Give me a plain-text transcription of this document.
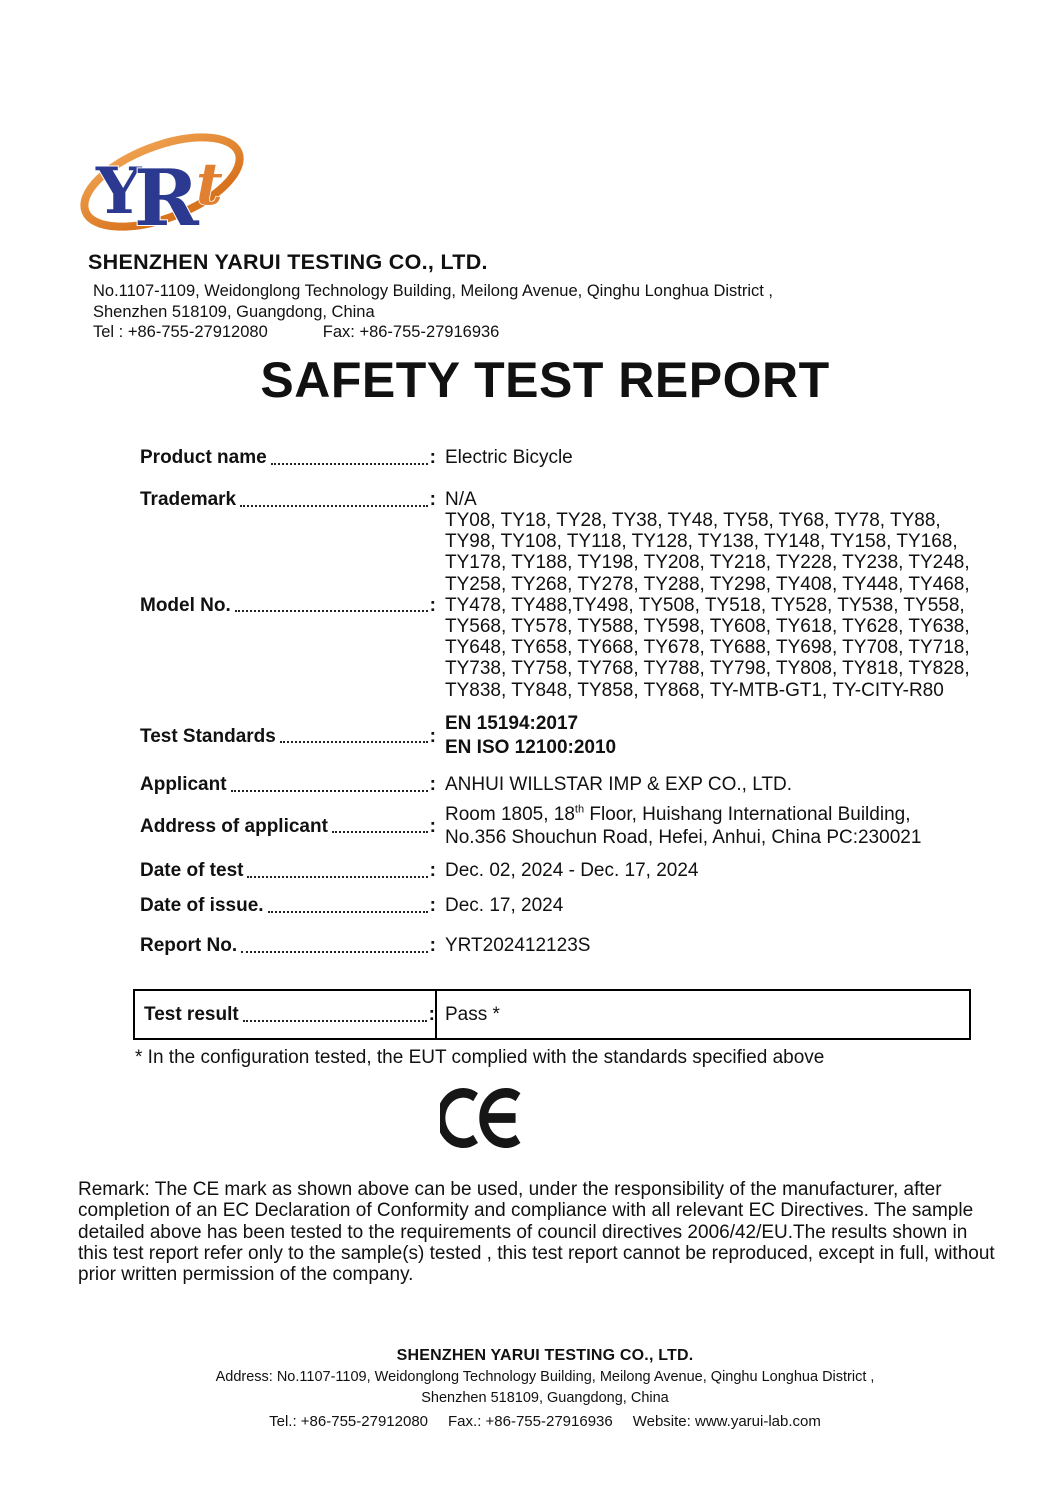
Y
R
t
SHENZHEN YARUI TESTING CO., LTD.
No.1107-1109, Weidonglong Technology Building, Meilong Avenue, Qinghu Longhua District ,
Shenzhen 518109, Guangdong, China
Tel : +86-755-27912080	Fax: +86-755-27916936
SAFETY TEST REPORT
Product name	: Electric Bicycle
Trademark	: N/A
Model No.	:
TY08, TY18, TY28, TY38, TY48, TY58, TY68, TY78, TY88,
TY98, TY108, TY118, TY128, TY138, TY148, TY158, TY168,
TY178, TY188, TY198, TY208, TY218, TY228, TY238, TY248,
TY258, TY268, TY278, TY288, TY298, TY408, TY448, TY468,
TY478, TY488,TY498, TY508, TY518, TY528, TY538, TY558,
TY568, TY578, TY588, TY598, TY608, TY618, TY628, TY638,
TY648, TY658, TY668, TY678, TY688, TY698, TY708, TY718,
TY738, TY758, TY768, TY788, TY798, TY808, TY818, TY828,
TY838, TY848, TY858, TY868, TY-MTB-GT1, TY-CITY-R80
Test Standards	:
EN 15194:2017
EN ISO 12100:2010
Applicant	: ANHUI WILLSTAR IMP & EXP CO., LTD.
Address of applicant	:
Room 1805, 18th Floor, Huishang International Building,
No.356 Shouchun Road, Hefei, Anhui, China PC:230021
Date of test	: Dec. 02, 2024 - Dec. 17, 2024
Date of issue.	: Dec. 17, 2024
Report No.	: YRT202412123S
Test result	: Pass *
* In the configuration tested, the EUT complied with the standards specified above
Remark: The CE mark as shown above can be used, under the responsibility of the manufacturer, after
completion of an EC Declaration of Conformity and compliance with all relevant EC Directives. The sample
detailed above has been tested to the requirements of council directives 2006/42/EU.The results shown in
this test report refer only to the sample(s) tested , this test report cannot be reproduced, except in full, without
prior written permission of the company.
SHENZHEN YARUI TESTING CO., LTD.
Address: No.1107-1109, Weidonglong Technology Building, Meilong Avenue, Qinghu Longhua District ,
Shenzhen 518109, Guangdong, China
Tel.: +86-755-27912080 Fax.: +86-755-27916936 Website: www.yarui-lab.com
